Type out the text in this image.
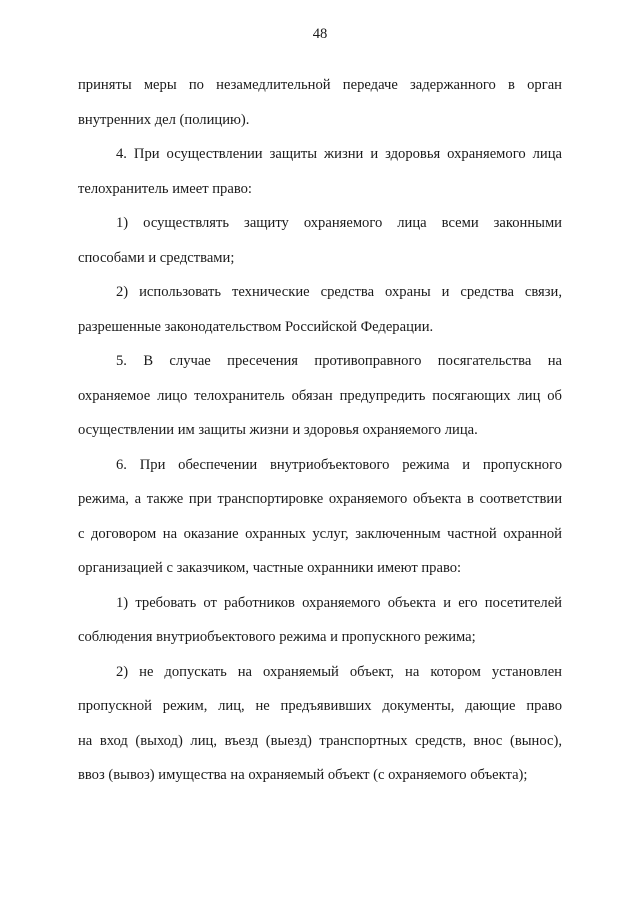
48

приняты меры по незамедлительной передаче задержанного в орган
внутренних дел (полицию).

4. При осуществлении защиты жизни и здоровья охраняемого лица
телохранитель имеет право:

1) осуществлять защиту охраняемого лица всеми законными
способами и средствами;

2) использовать технические средства охраны и средства связи,
разрешенные законодательством Российской Федерации.

5. В случае пресечения противоправного посягательства на
охраняемое лицо телохранитель обязан предупредить посягающих лиц об
осуществлении им защиты жизни и здоровья охраняемого лица.

6. При обеспечении внутриобъектового режима и пропускного
режима, а также при транспортировке охраняемого объекта в соответствии
с договором на оказание охранных услуг, заключенным частной охранной
организацией с заказчиком, частные охранники имеют право:

1) требовать от работников охраняемого объекта и его посетителей
соблюдения внутриобъектового режима и пропускного режима;

2) не допускать на охраняемый объект, на котором установлен
пропускной режим, лиц, не предъявивших документы, дающие право
на вход (выход) лиц, въезд (выезд) транспортных средств, внос (вынос),
ввоз (вывоз) имущества на охраняемый объект (с охраняемого объекта);
